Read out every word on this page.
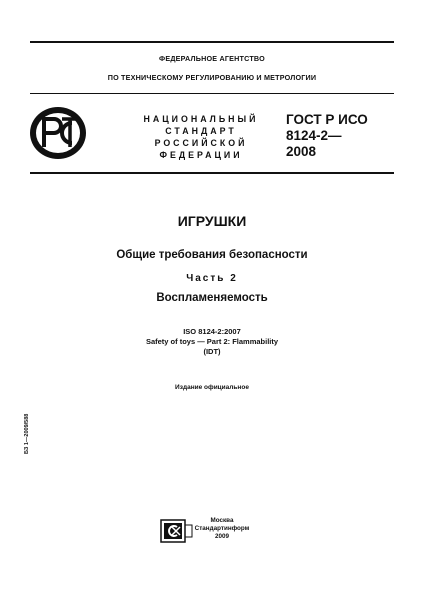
ФЕДЕРАЛЬНОЕ АГЕНТСТВО
ПО ТЕХНИЧЕСКОМУ РЕГУЛИРОВАНИЮ И МЕТРОЛОГИИ
НАЦИОНАЛЬНЫЙ
СТАНДАРТ
РОССИЙСКОЙ
ФЕДЕРАЦИИ
ГОСТ Р ИСО
8124-2—
2008
ИГРУШКИ
Общие требования безопасности
Часть 2
Воспламеняемость
ISO 8124-2:2007
Safety of toys — Part 2: Flammability
(IDT)
Издание официальное
БЗ 1—2009/588
Москва
Стандартинформ
2009
